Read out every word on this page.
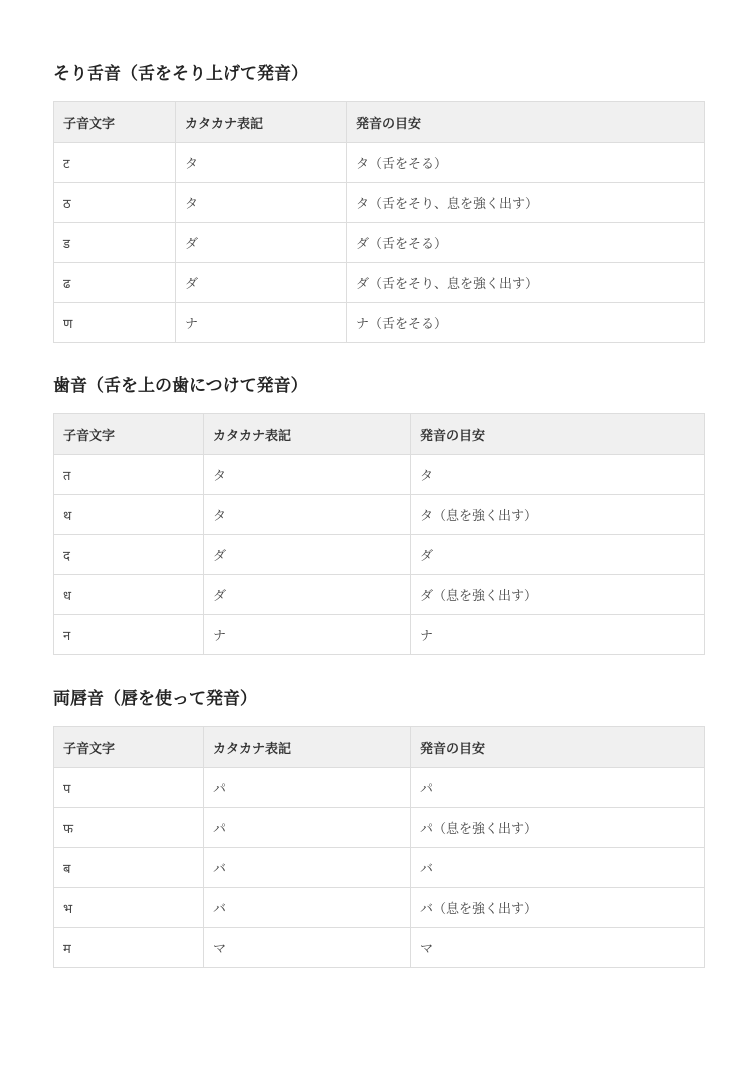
そり舌音（舌をそり上げて発音）
子音文字	カタカナ表記	発音の目安
ट	タ	タ（舌をそる）
ठ	タ	タ（舌をそり、息を強く出す）
ड	ダ	ダ（舌をそる）
ढ	ダ	ダ（舌をそり、息を強く出す）
ण	ナ	ナ（舌をそる）
歯音（舌を上の歯につけて発音）
子音文字	カタカナ表記	発音の目安
त	タ	タ
थ	タ	タ（息を強く出す）
द	ダ	ダ
ध	ダ	ダ（息を強く出す）
न	ナ	ナ
両唇音（唇を使って発音）
子音文字	カタカナ表記	発音の目安
प	パ	パ
फ	パ	パ（息を強く出す）
ब	バ	バ
भ	バ	バ（息を強く出す）
म	マ	マ
